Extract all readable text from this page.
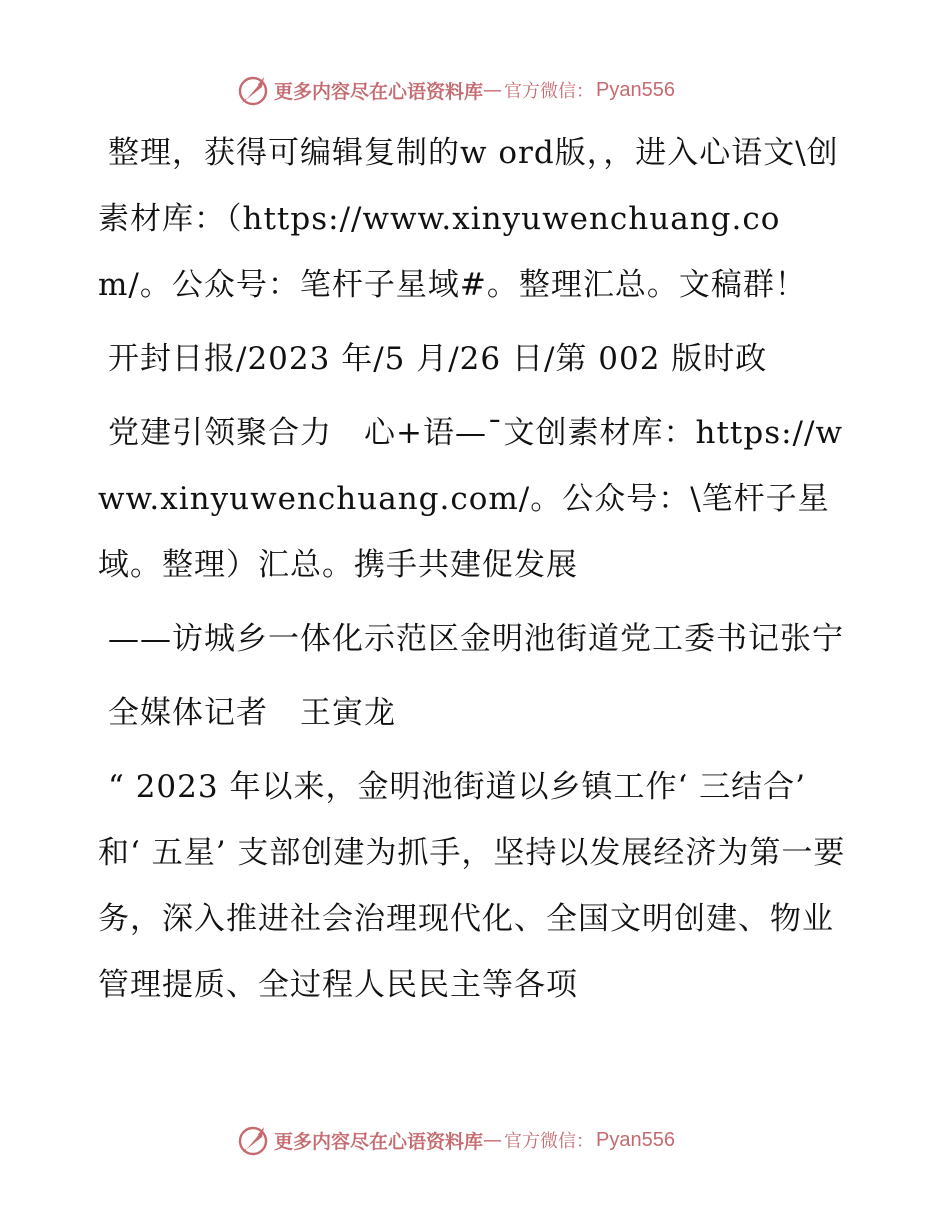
更多内容尽在心语资料库 — 官方微信： Pyan556

整理，获得可编辑复制的w ord版，，进入心语文\创素材库：（https://www.xinyuwenchuang.com/。公众号：笔杆子星域#。整理汇总。文稿群！

开封日报/2023 年/5 月/26 日/第 002 版时政

党建引领聚合力　心+语—¯文创素材库：https://www.xinyuwenchuang.com/。公众号：\笔杆子星域。整理）汇总。携手共建促发展

——访城乡一体化示范区金明池街道党工委书记张宁

全媒体记者　王寅龙

“ 2023 年以来，金明池街道以乡镇工作‘ 三结合’ 和‘ 五星’ 支部创建为抓手，坚持以发展经济为第一要务，深入推进社会治理现代化、全国文明创建、物业管理提质、全过程人民民主等各项

更多内容尽在心语资料库 — 官方微信： Pyan556
